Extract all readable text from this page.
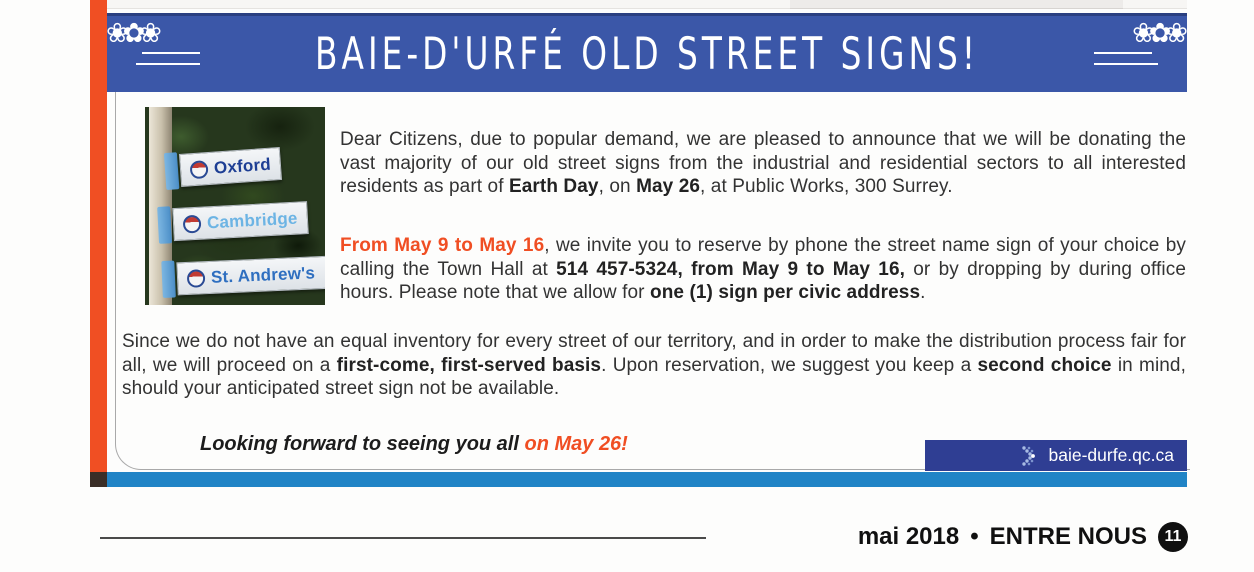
❀✿❀	BAIE-D'URFÉ OLD STREET SIGNS!	❀✿❀
Oxford
Cambridge
St. Andrew's

Dear Citizens, due to popular demand, we are pleased to announce that we will be donating the vast majority of our old street signs from the industrial and residential sectors to all interested residents as part of Earth Day, on May 26, at Public Works, 300 Surrey.

From May 9 to May 16, we invite you to reserve by phone the street name sign of your choice by calling the Town Hall at 514 457-5324, from May 9 to May 16, or by dropping by during office hours. Please note that we allow for one (1) sign per civic address.

Since we do not have an equal inventory for every street of our territory, and in order to make the distribution process fair for all, we will proceed on a first-come, first-served basis. Upon reservation, we suggest you keep a second choice in mind, should your anticipated street sign not be available.

Looking forward to seeing you all on May 26!	baie-durfe.qc.ca
mai 2018 • ENTRE NOUS	11
